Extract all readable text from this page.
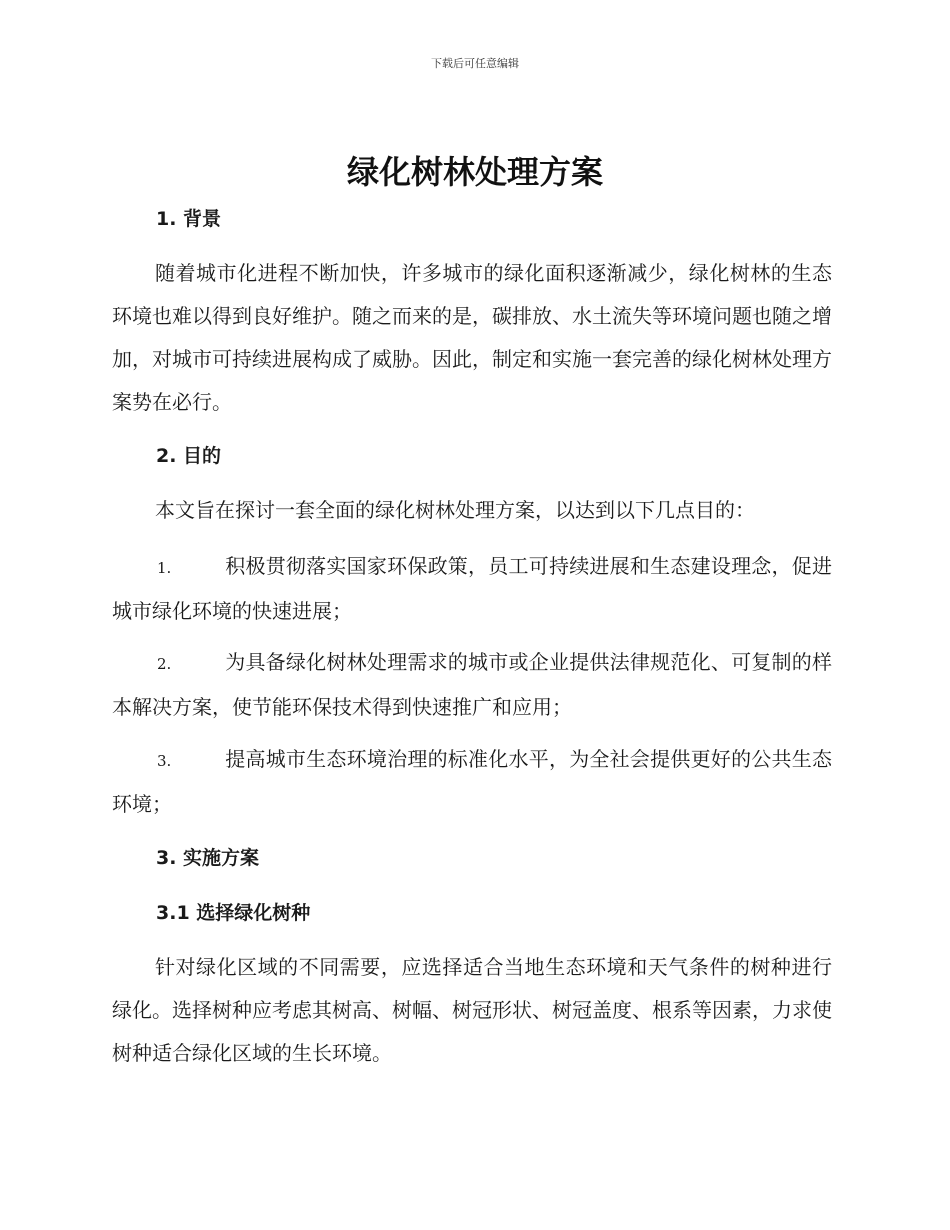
下载后可任意编辑
绿化树林处理方案
1. 背景
随着城市化进程不断加快，许多城市的绿化面积逐渐减少，绿化树林的生态环境也难以得到良好维护。随之而来的是，碳排放、水土流失等环境问题也随之增加，对城市可持续进展构成了威胁。因此，制定和实施一套完善的绿化树林处理方案势在必行。
2. 目的
本文旨在探讨一套全面的绿化树林处理方案，以达到以下几点目的：
1.	积极贯彻落实国家环保政策，员工可持续进展和生态建设理念，促进城市绿化环境的快速进展；
2.	为具备绿化树林处理需求的城市或企业提供法律规范化、可复制的样本解决方案，使节能环保技术得到快速推广和应用；
3.	提高城市生态环境治理的标准化水平，为全社会提供更好的公共生态环境；
3. 实施方案
3.1 选择绿化树种
针对绿化区域的不同需要，应选择适合当地生态环境和天气条件的树种进行绿化。选择树种应考虑其树高、树幅、树冠形状、树冠盖度、根系等因素，力求使树种适合绿化区域的生长环境。
